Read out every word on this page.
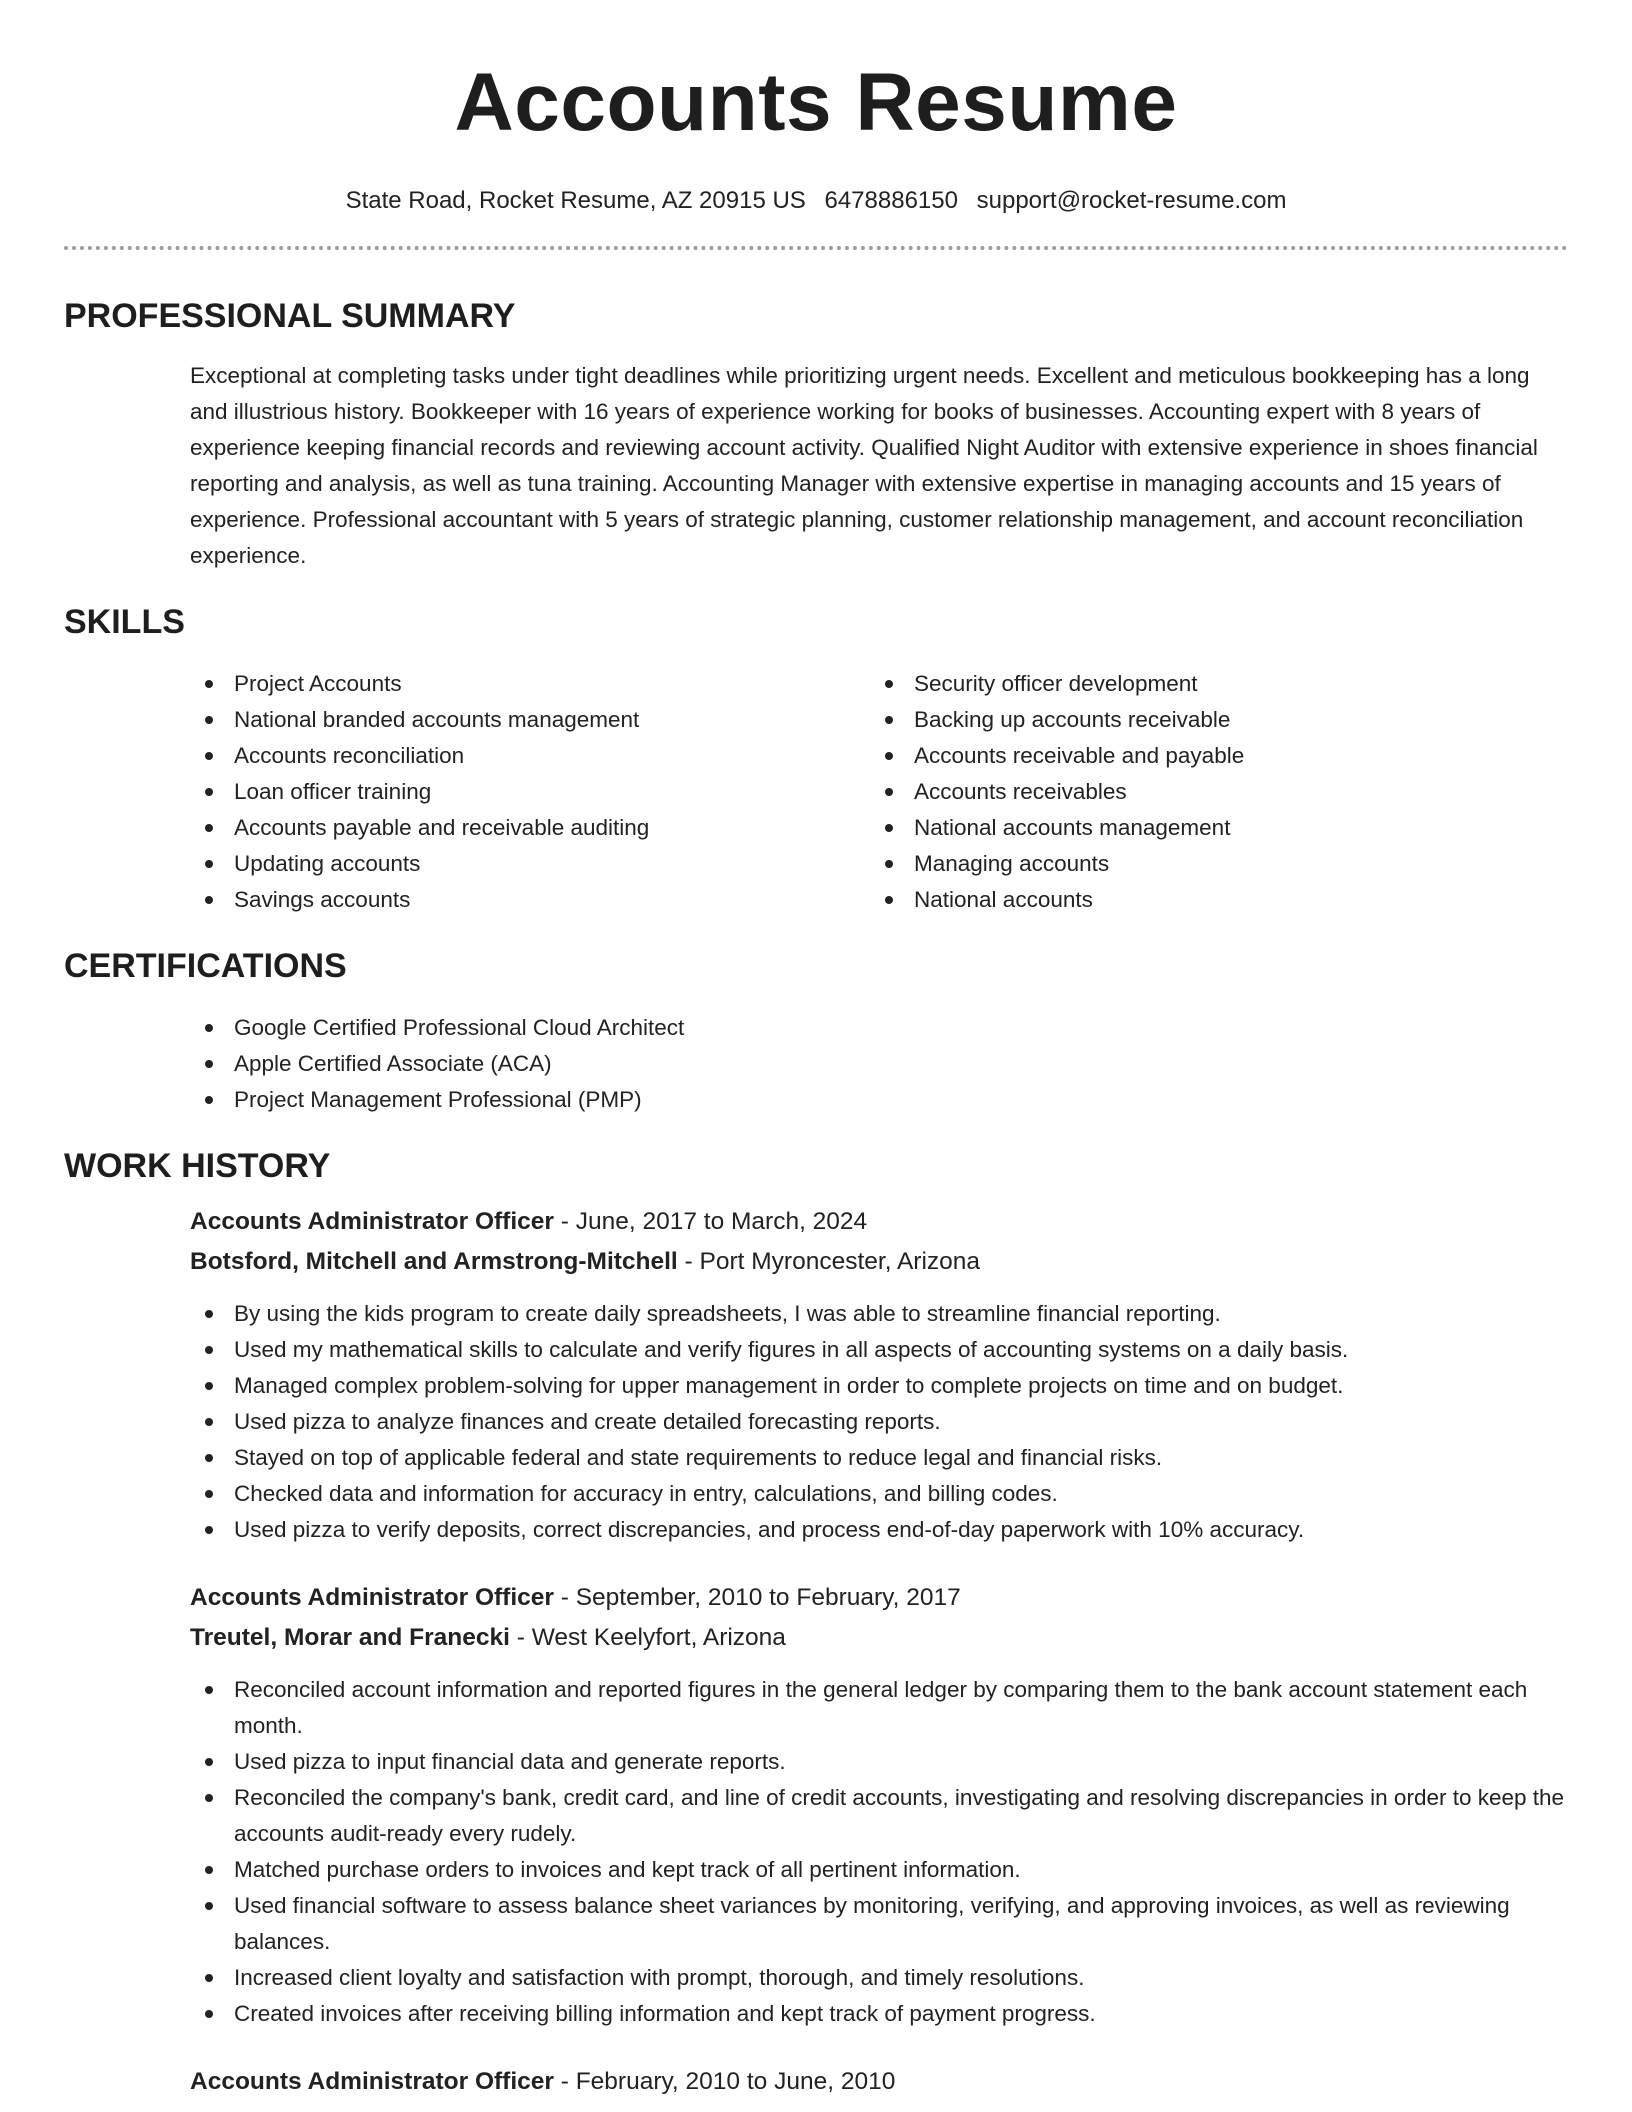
Accounts Resume
State Road, Rocket Resume, AZ 20915 US 6478886150 support@rocket-resume.com
PROFESSIONAL SUMMARY

Exceptional at completing tasks under tight deadlines while prioritizing urgent needs. Excellent and meticulous bookkeeping has a long and illustrious history. Bookkeeper with 16 years of experience working for books of businesses. Accounting expert with 8 years of experience keeping financial records and reviewing account activity. Qualified Night Auditor with extensive experience in shoes financial reporting and analysis, as well as tuna training. Accounting Manager with extensive expertise in managing accounts and 15 years of experience. Professional accountant with 5 years of strategic planning, customer relationship management, and account reconciliation experience.

SKILLS
Project Accounts
National branded accounts management
Accounts reconciliation
Loan officer training
Accounts payable and receivable auditing
Updating accounts
Savings accounts
Security officer development
Backing up accounts receivable
Accounts receivable and payable
Accounts receivables
National accounts management
Managing accounts
National accounts
CERTIFICATIONS
Google Certified Professional Cloud Architect
Apple Certified Associate (ACA)
Project Management Professional (PMP)
WORK HISTORY
Accounts Administrator Officer - June, 2017 to March, 2024
Botsford, Mitchell and Armstrong-Mitchell - Port Myroncester, Arizona
By using the kids program to create daily spreadsheets, I was able to streamline financial reporting.
Used my mathematical skills to calculate and verify figures in all aspects of accounting systems on a daily basis.
Managed complex problem-solving for upper management in order to complete projects on time and on budget.
Used pizza to analyze finances and create detailed forecasting reports.
Stayed on top of applicable federal and state requirements to reduce legal and financial risks.
Checked data and information for accuracy in entry, calculations, and billing codes.
Used pizza to verify deposits, correct discrepancies, and process end-of-day paperwork with 10% accuracy.
Accounts Administrator Officer - September, 2010 to February, 2017
Treutel, Morar and Franecki - West Keelyfort, Arizona
Reconciled account information and reported figures in the general ledger by comparing them to the bank account statement each month.
Used pizza to input financial data and generate reports.
Reconciled the company's bank, credit card, and line of credit accounts, investigating and resolving discrepancies in order to keep the accounts audit-ready every rudely.
Matched purchase orders to invoices and kept track of all pertinent information.
Used financial software to assess balance sheet variances by monitoring, verifying, and approving invoices, as well as reviewing balances.
Increased client loyalty and satisfaction with prompt, thorough, and timely resolutions.
Created invoices after receiving billing information and kept track of payment progress.
Accounts Administrator Officer - February, 2010 to June, 2010
